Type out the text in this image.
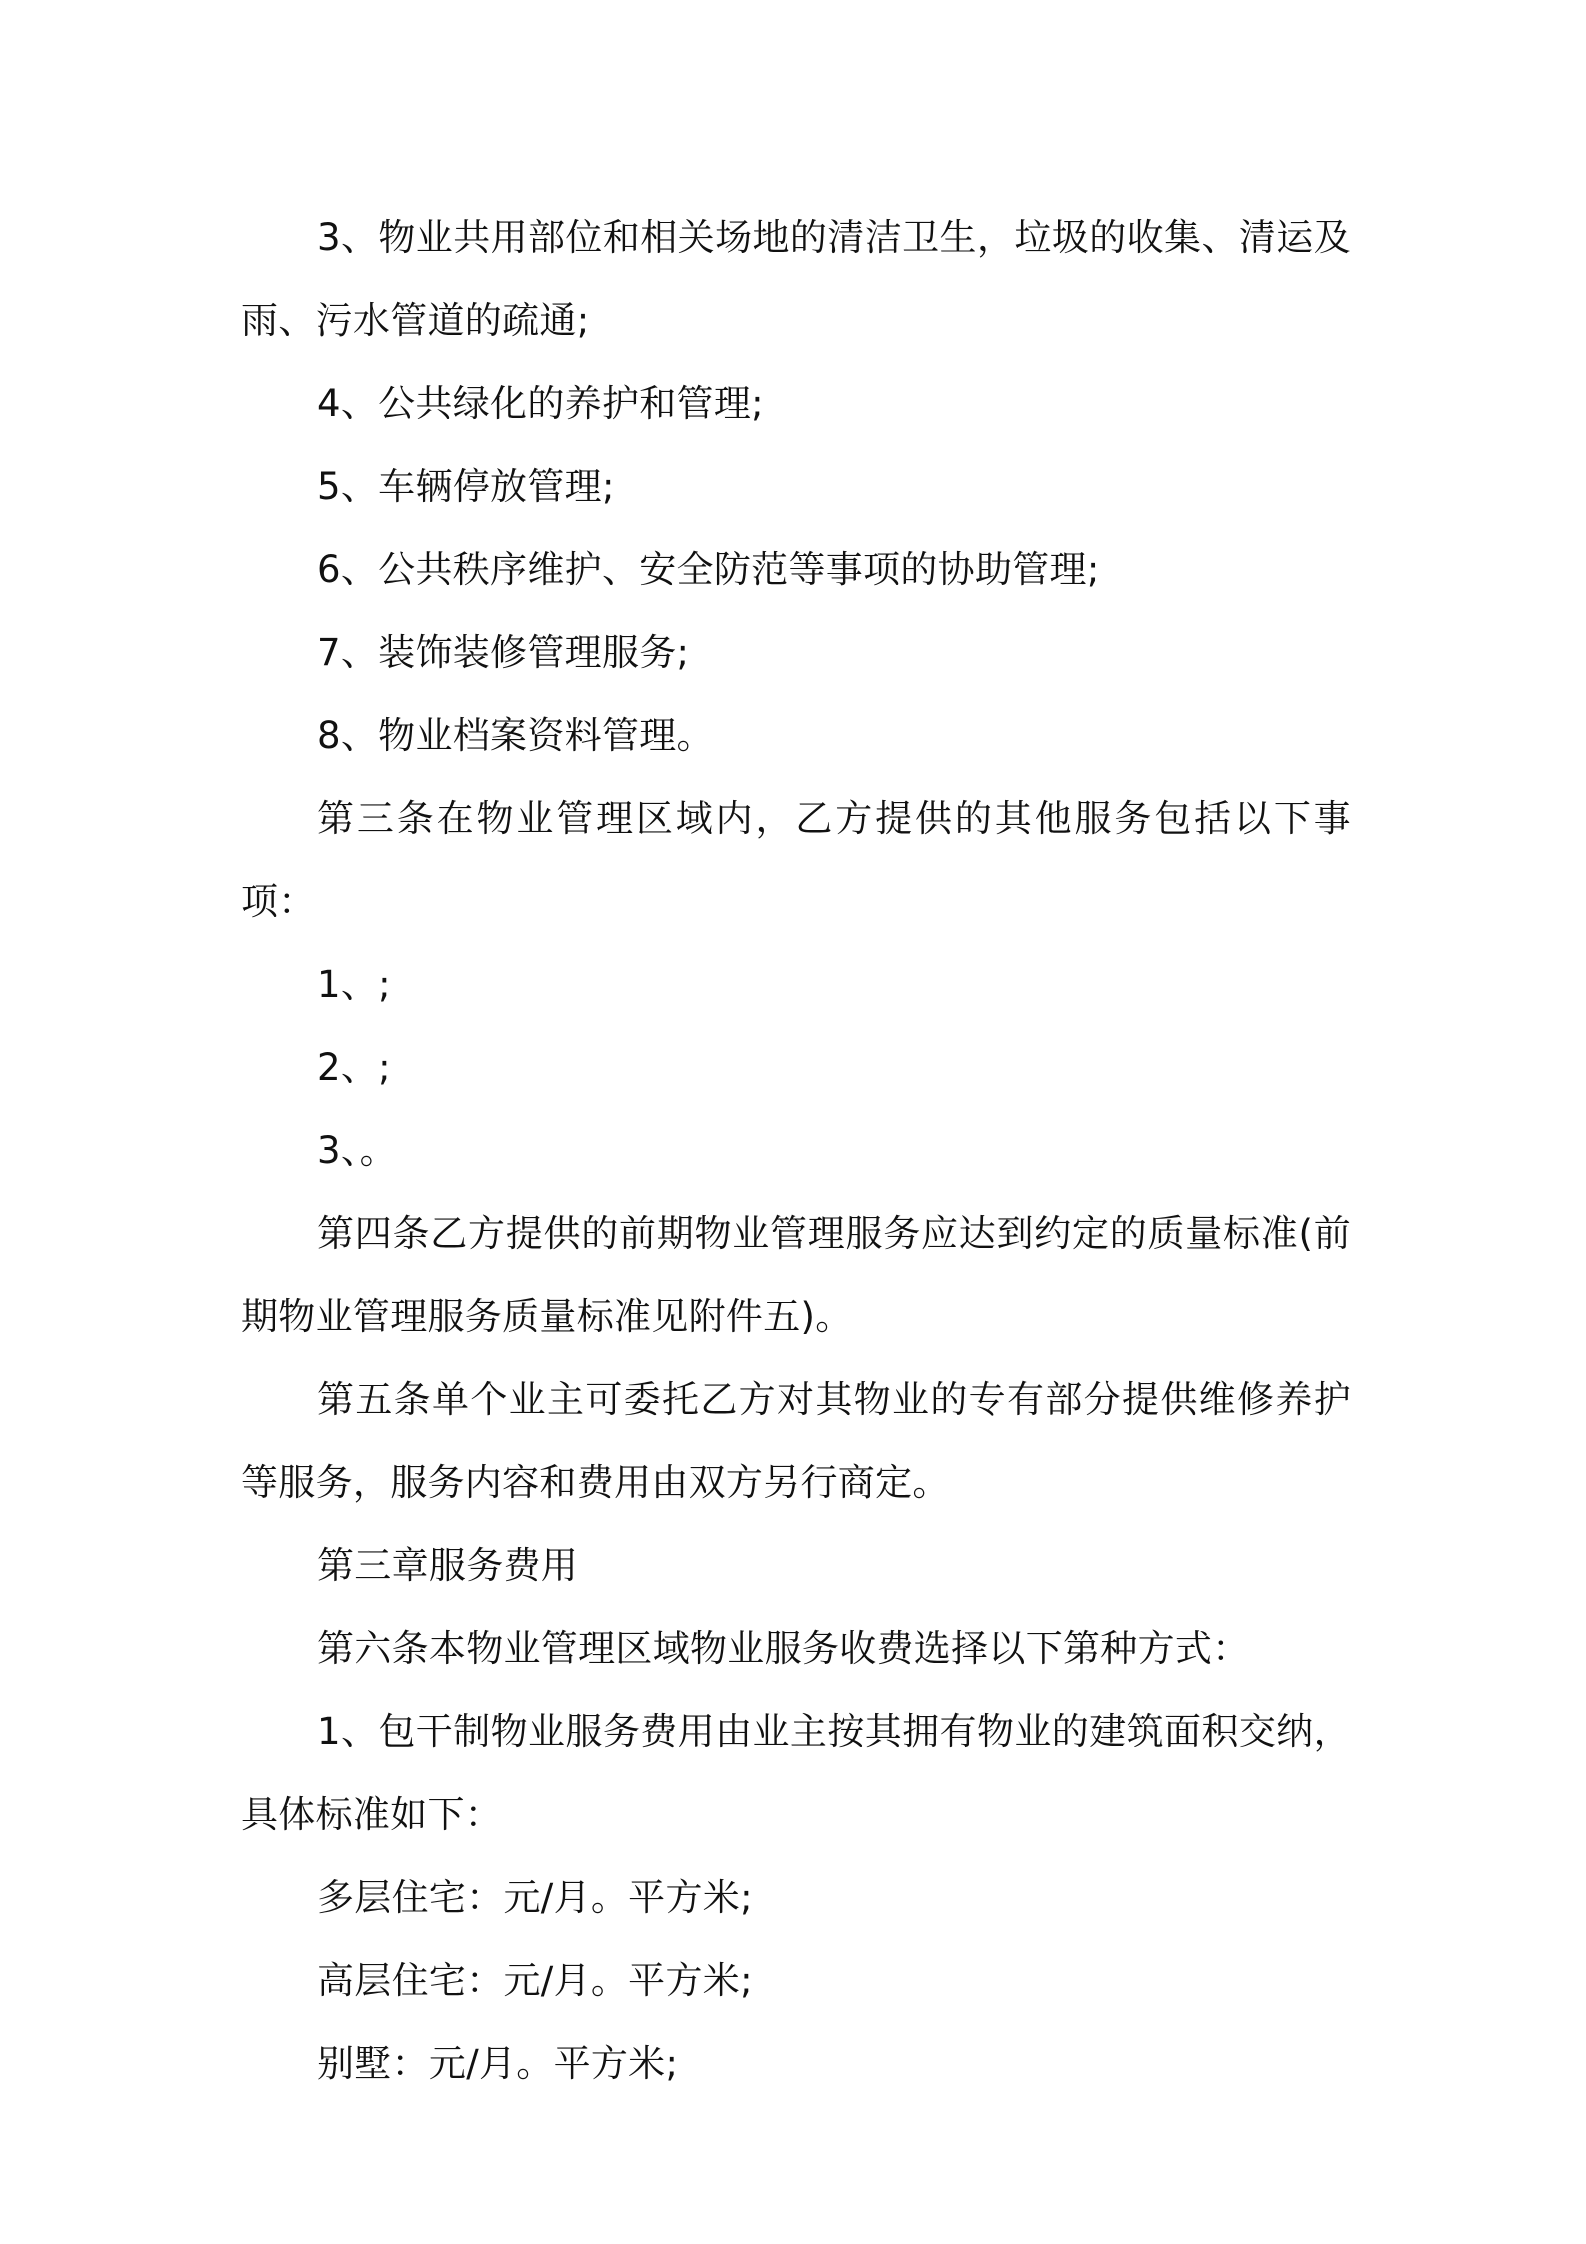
3、物业共用部位和相关场地的清洁卫生，垃圾的收集、清运及雨、污水管道的疏通;

4、公共绿化的养护和管理;

5、车辆停放管理;

6、公共秩序维护、安全防范等事项的协助管理;

7、装饰装修管理服务;

8、物业档案资料管理。

第三条在物业管理区域内，乙方提供的其他服务包括以下事项：

1、;

2、;

3、。

第四条乙方提供的前期物业管理服务应达到约定的质量标准(前期物业管理服务质量标准见附件五)。

第五条单个业主可委托乙方对其物业的专有部分提供维修养护等服务，服务内容和费用由双方另行商定。

第三章服务费用

第六条本物业管理区域物业服务收费选择以下第种方式：

1、包干制物业服务费用由业主按其拥有物业的建筑面积交纳，具体标准如下：

多层住宅：元/月。平方米;

高层住宅：元/月。平方米;

别墅：元/月。平方米;
